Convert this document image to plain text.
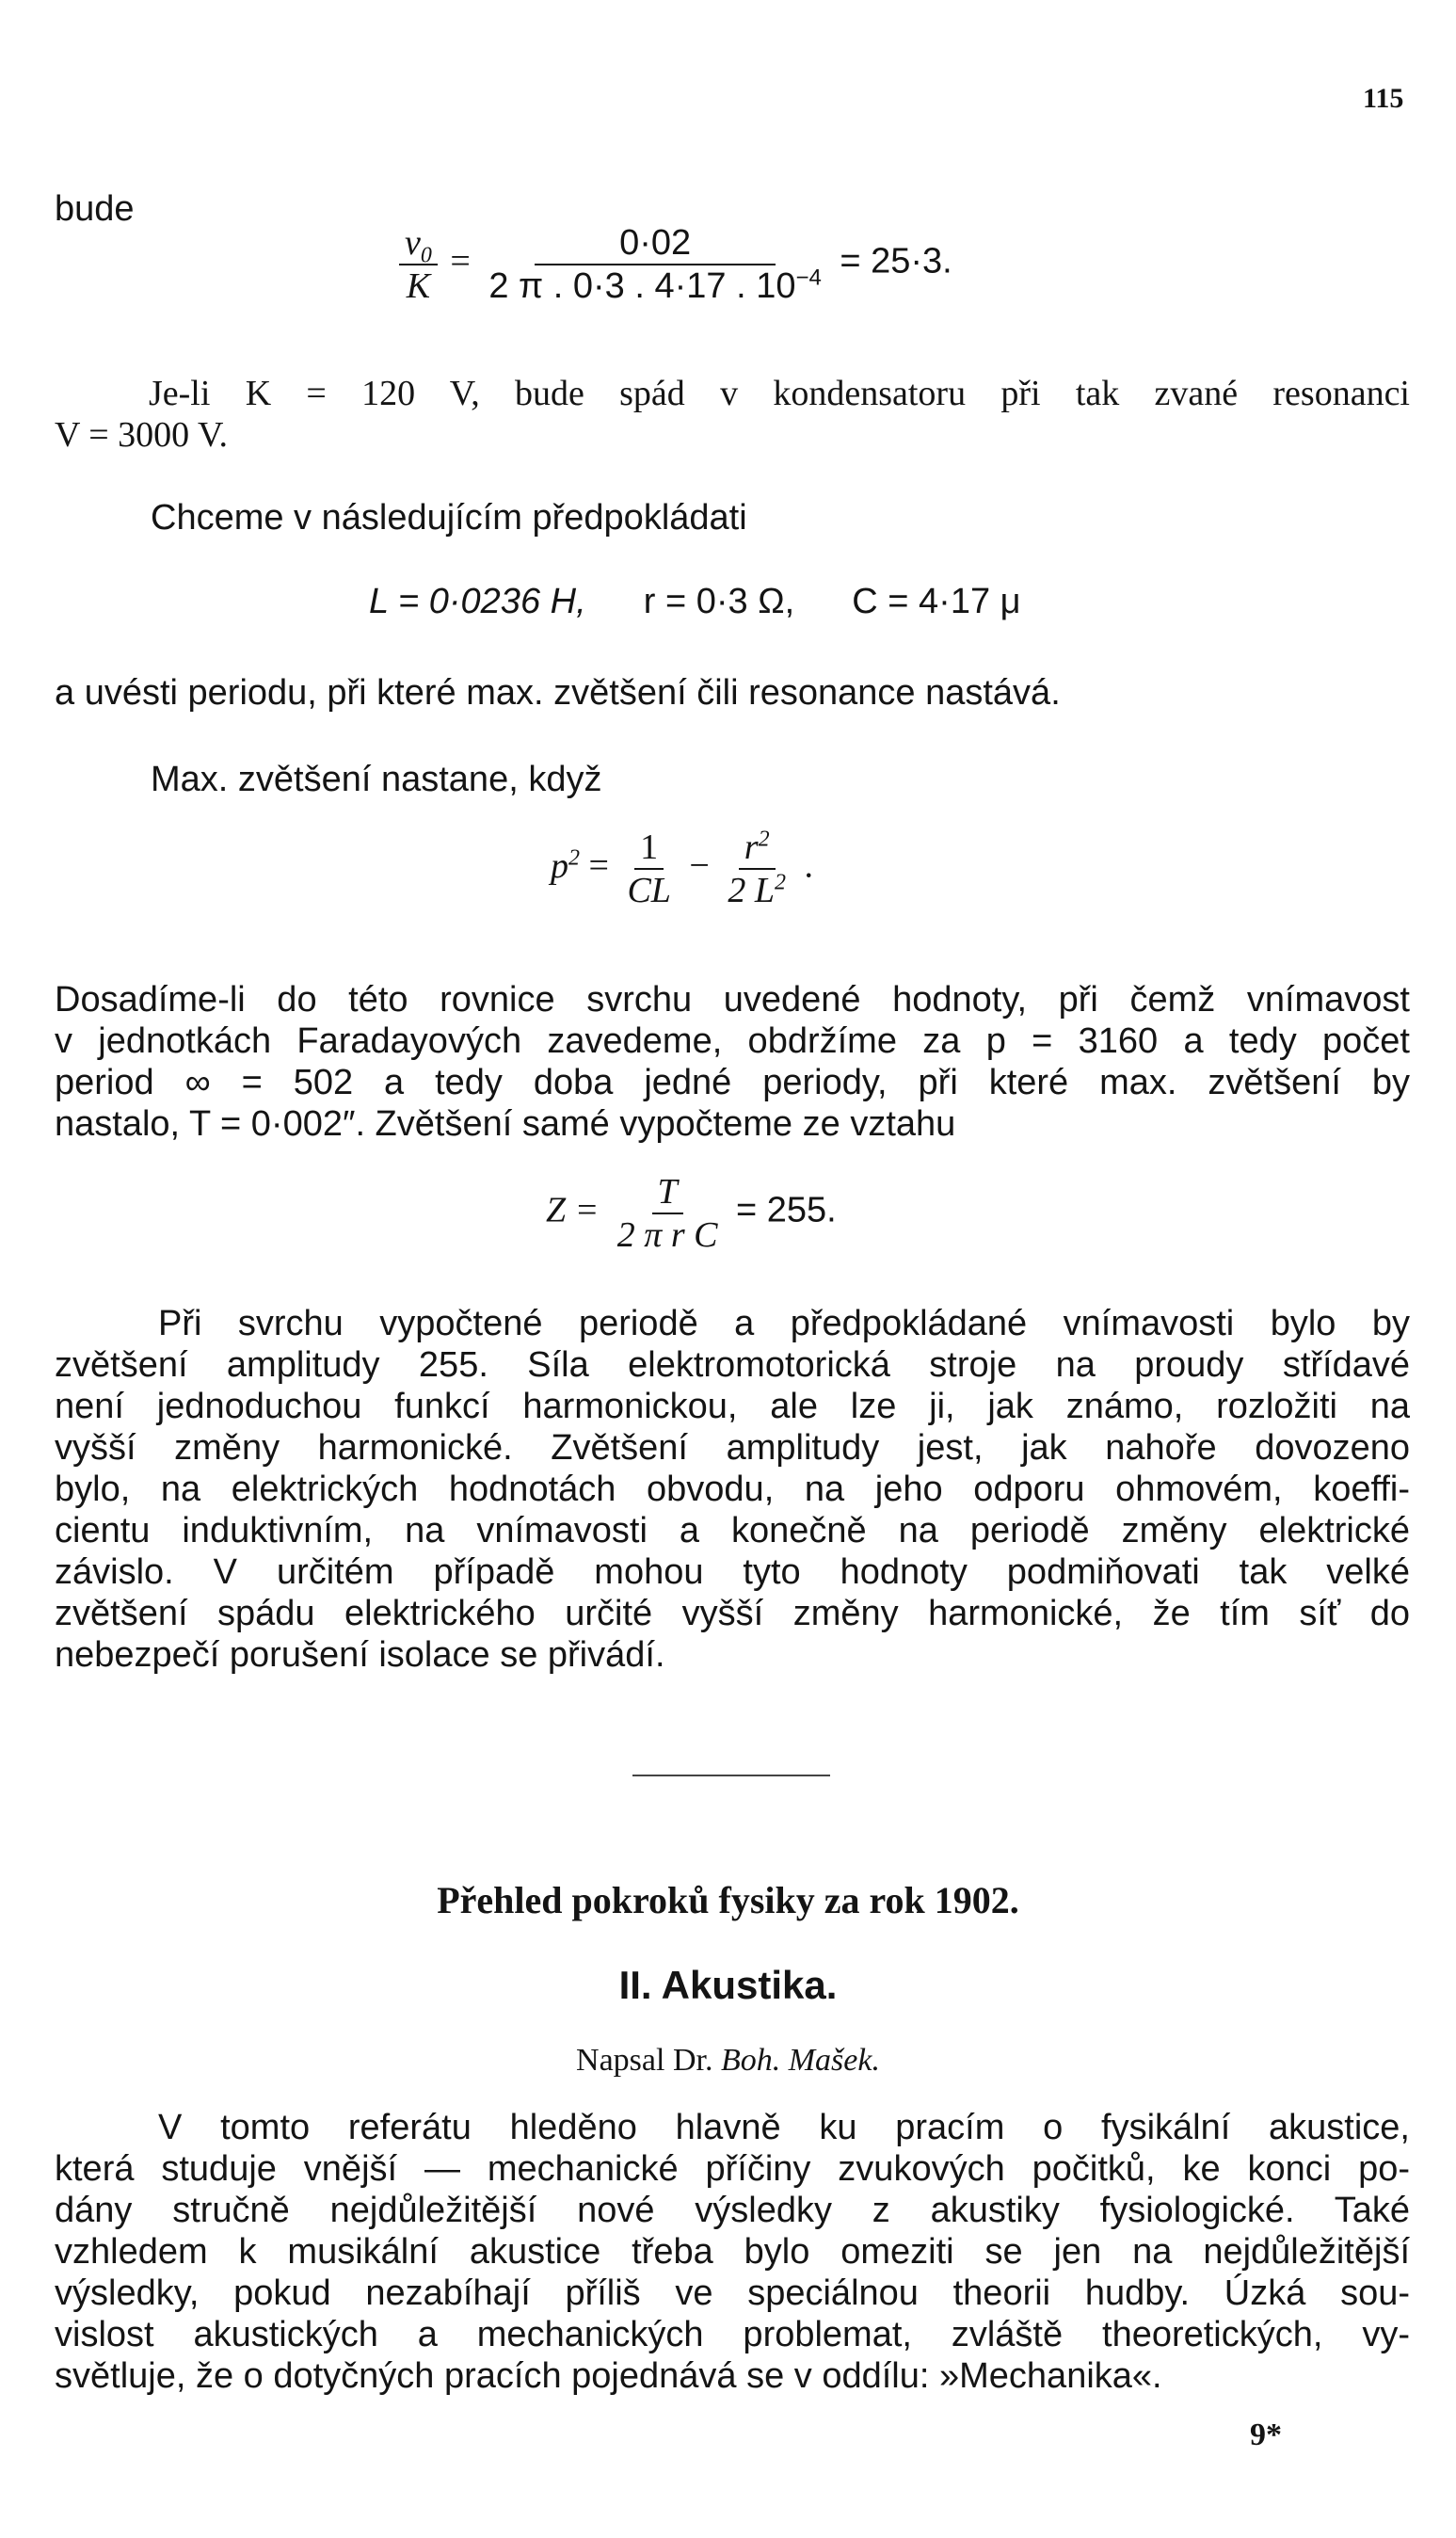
115
bude
$\frac{v_0}{K} = \frac{0\cdot 02}{2 \pi . 0\cdot 3 . 4\cdot 17 . 10^{-4}} = 25\cdot 3$.
Je-li K = 120 V, bude spád v kondensatoru při tak zvané resonanci
V = 3000 V.
Chceme v následujícím předpokládati
L = 0·0236 H, r = 0·3 Ω, C = 4·17 μ
a uvésti periodu, při které max. zvětšení čili resonance nastává.
Max. zvětšení nastane, když
$p^2 = \frac{1}{CL} - \frac{r^2}{2 L^2}$ .
Dosadíme-li do této rovnice svrchu uvedené hodnoty, při čemž vnímavost
v jednotkách Faradayových zavedeme, obdržíme za p = 3160 a tedy počet
period ∞ = 502 a tedy doba jedné periody, při které max. zvětšení by
nastalo, T = 0·002″. Zvětšení samé vypočteme ze vztahu
$Z = \frac{T}{\text{2 π r C}} = 255$.
Při svrchu vypočtené periodě a předpokládané vnímavosti bylo by
zvětšení amplitudy 255. Síla elektromotorická stroje na proudy střídavé
není jednoduchou funkcí harmonickou, ale lze ji, jak známo, rozložiti na
vyšší změny harmonické. Zvětšení amplitudy jest, jak nahoře dovozeno
bylo, na elektrických hodnotách obvodu, na jeho odporu ohmovém, koeffi-
cientu induktivním, na vnímavosti a konečně na periodě změny elektrické
závislo. V určitém případě mohou tyto hodnoty podmiňovati tak velké
zvětšení spádu elektrického určité vyšší změny harmonické, že tím síť do
nebezpečí porušení isolace se přivádí.
Přehled pokroků fysiky za rok 1902.
II. Akustika.
Napsal Dr. Boh. Mašek.
V tomto referátu hleděno hlavně ku pracím o fysikální akustice,
která studuje vnější — mechanické příčiny zvukových počitků, ke konci po-
dány stručně nejdůležitější nové výsledky z akustiky fysiologické. Také
vzhledem k musikální akustice třeba bylo omeziti se jen na nejdůležitější
výsledky, pokud nezabíhají příliš ve speciálnou theorii hudby. Úzká sou-
vislost akustických a mechanických problemat, zvláště theoretických, vy-
světluje, že o dotyčných pracích pojednává se v oddílu: »Mechanika«.
9*
